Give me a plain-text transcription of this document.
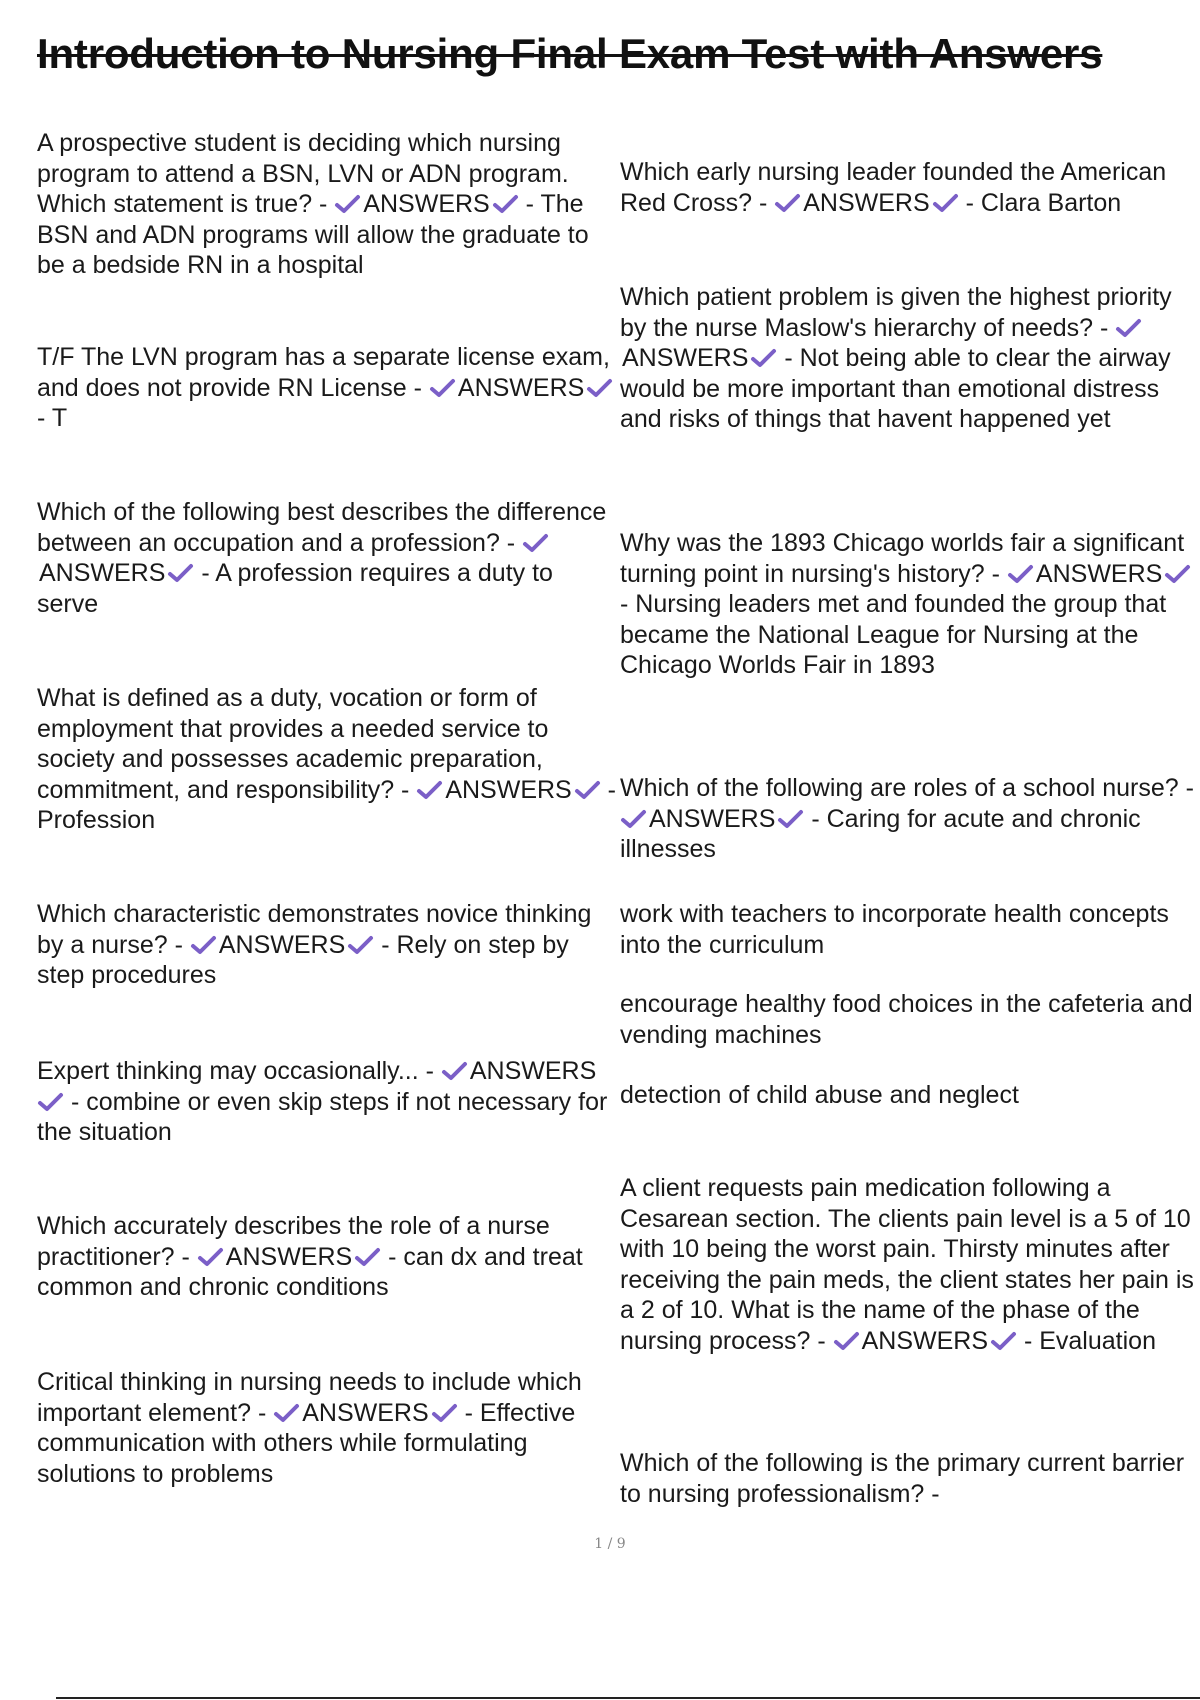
Introduction to Nursing Final Exam Test with Answers
A prospective student is deciding which nursing program to attend a BSN, LVN or ADN program. Which statement is true? -
ANSWERS
- The BSN and ADN programs will allow the graduate to be a bedside RN in a hospital
T/F The LVN program has a separate license exam, and does not provide RN License -
ANSWERS
- T
Which of the following best describes the difference between an occupation and a profession? -
ANSWERS
- A profession requires a duty to serve
What is defined as a duty, vocation or form of employment that provides a needed service to society and possesses academic preparation, commitment, and responsibility? -
ANSWERS
- Profession
Which characteristic demonstrates novice thinking by a nurse? -
ANSWERS
- Rely on step by step procedures
Expert thinking may occasionally... -
ANSWERS
- combine or even skip steps if not necessary for the situation
Which accurately describes the role of a nurse practitioner? -
ANSWERS
- can dx and treat common and chronic conditions
Critical thinking in nursing needs to include which important element? -
ANSWERS
- Effective communication with others while formulating solutions to problems
Which early nursing leader founded the American Red Cross? -
ANSWERS
- Clara Barton
Which patient problem is given the highest priority by the nurse Maslow's hierarchy of needs? -
ANSWERS
- Not being able to clear the airway would be more important than emotional distress and risks of things that havent happened yet
Why was the 1893 Chicago worlds fair a significant turning point in nursing's history? -
ANSWERS
- Nursing leaders met and founded the group that became the National League for Nursing at the Chicago Worlds Fair in 1893
Which of the following are roles of a school nurse? -
ANSWERS
- Caring for acute and chronic illnesses
work with teachers to incorporate health concepts into the curriculum
encourage healthy food choices in the cafeteria and vending machines
detection of child abuse and neglect
A client requests pain medication following a Cesarean section. The clients pain level is a 5 of 10 with 10 being the worst pain. Thirsty minutes after receiving the pain meds, the client states her pain is a 2 of 10. What is the name of the phase of the nursing process? -
ANSWERS
- Evaluation
Which of the following is the primary current barrier to nursing professionalism? -
1 / 9
